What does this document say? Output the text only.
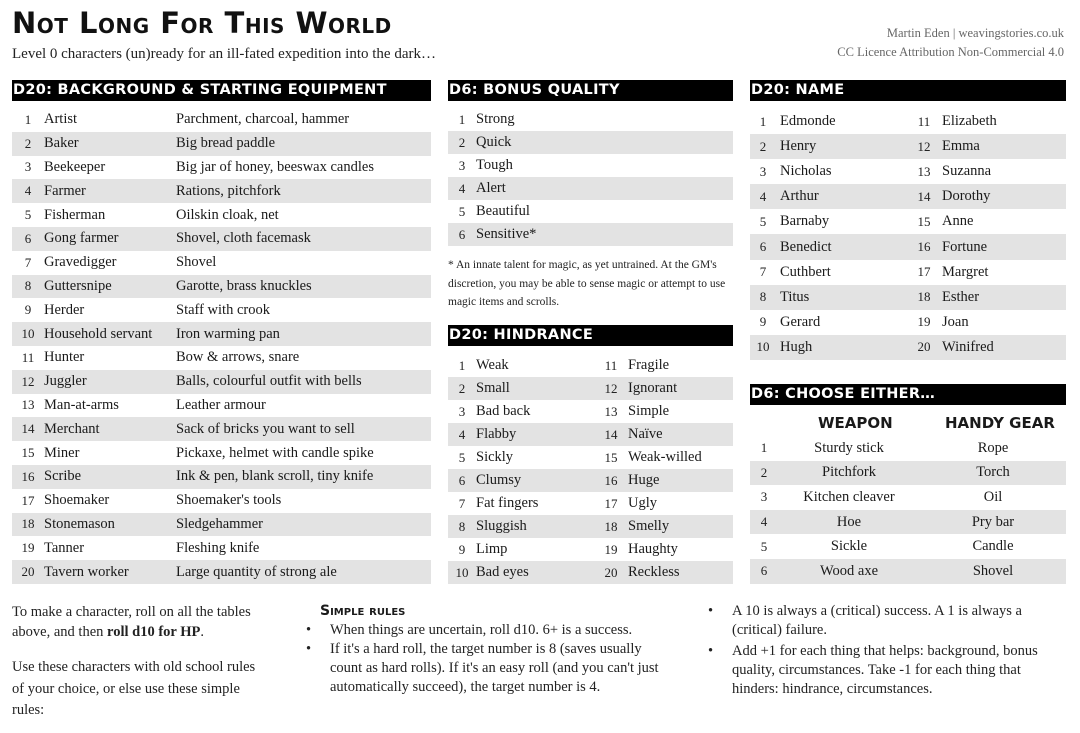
Not Long For This World
Level 0 characters (un)ready for an ill-fated expedition into the dark…
Martin Eden | weavingstories.co.uk
CC Licence Attribution Non-Commercial 4.0
D20: BACKGROUND & STARTING EQUIPMENT
1 Artist	Parchment, charcoal, hammer
2 Baker	Big bread paddle
3 Beekeeper	Big jar of honey, beeswax candles
4 Farmer	Rations, pitchfork
5 Fisherman	Oilskin cloak, net
6 Gong farmer	Shovel, cloth facemask
7 Gravedigger	Shovel
8 Guttersnipe	Garotte, brass knuckles
9 Herder	Staff with crook
10 Household servant	Iron warming pan
11 Hunter	Bow & arrows, snare
12 Juggler	Balls, colourful outfit with bells
13 Man-at-arms	Leather armour
14 Merchant	Sack of bricks you want to sell
15 Miner	Pickaxe, helmet with candle spike
16 Scribe	Ink & pen, blank scroll, tiny knife
17 Shoemaker	Shoemaker's tools
18 Stonemason	Sledgehammer
19 Tanner	Fleshing knife
20 Tavern worker	Large quantity of strong ale
D6: BONUS QUALITY
1 Strong
2 Quick
3 Tough
4 Alert
5 Beautiful
6 Sensitive*
* An innate talent for magic, as yet untrained. At the GM's discretion, you may be able to sense magic or attempt to use magic items and scrolls.
D20: HINDRANCE
1 Weak	11 Fragile
2 Small	12 Ignorant
3 Bad back	13 Simple
4 Flabby	14 Naïve
5 Sickly	15 Weak-willed
6 Clumsy	16 Huge
7 Fat fingers	17 Ugly
8 Sluggish	18 Smelly
9 Limp	19 Haughty
10 Bad eyes	20 Reckless
D20: NAME
1 Edmonde	11 Elizabeth
2 Henry	12 Emma
3 Nicholas	13 Suzanna
4 Arthur	14 Dorothy
5 Barnaby	15 Anne
6 Benedict	16 Fortune
7 Cuthbert	17 Margret
8 Titus	18 Esther
9 Gerard	19 Joan
10 Hugh	20 Winifred
D6: CHOOSE EITHER…
WEAPON	HANDY GEAR
1	Sturdy stick	Rope
2	Pitchfork	Torch
3	Kitchen cleaver	Oil
4	Hoe	Pry bar
5	Sickle	Candle
6	Wood axe	Shovel
To make a character, roll on all the tables above, and then roll d10 for HP.
Use these characters with old school rules of your choice, or else use these simple rules:
Simple rules
• When things are uncertain, roll d10. 6+ is a success.
• If it's a hard roll, the target number is 8 (saves usually count as hard rolls). If it's an easy roll (and you can't just automatically succeed), the target number is 4.
• A 10 is always a (critical) success. A 1 is always a (critical) failure.
• Add +1 for each thing that helps: background, bonus quality, circumstances. Take -1 for each thing that hinders: hindrance, circumstances.
